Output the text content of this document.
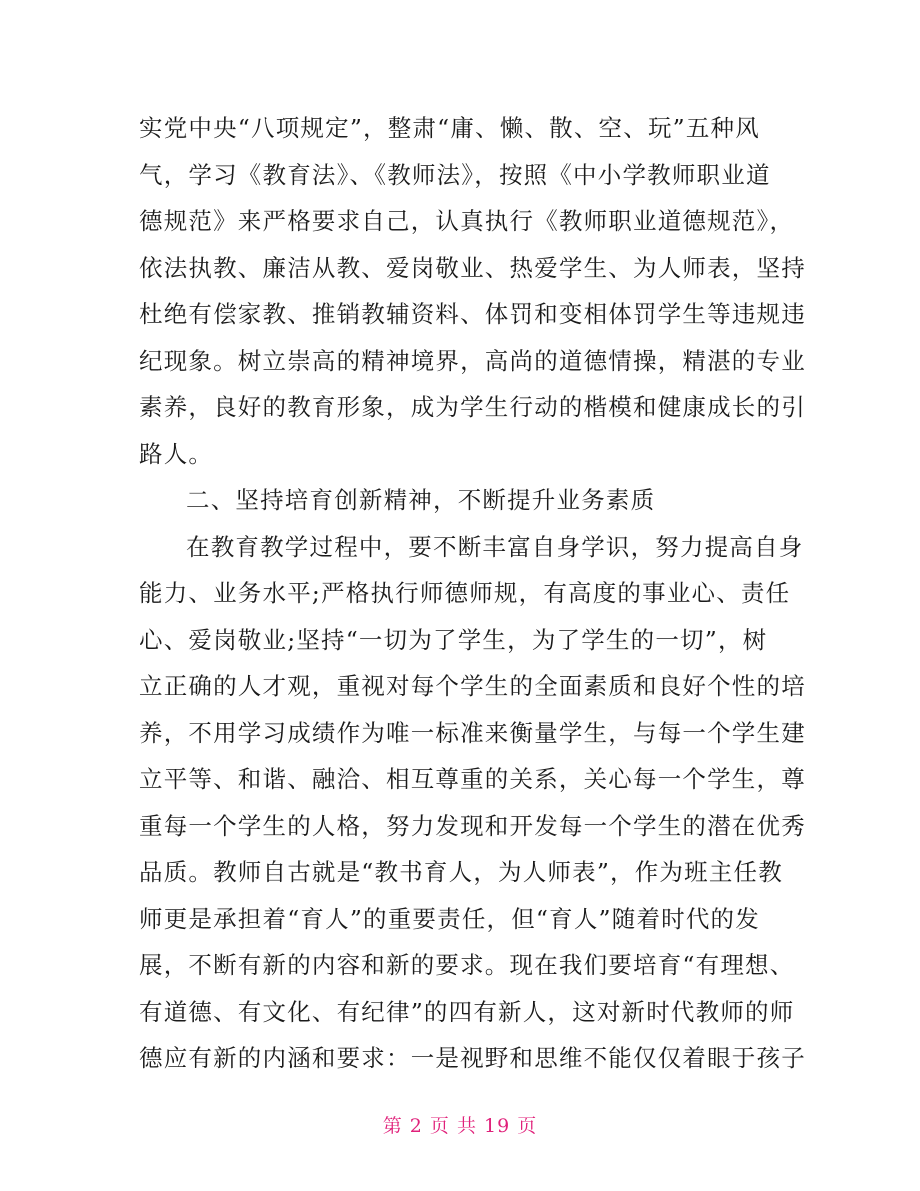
实党中央“八项规定”，整肃“庸、懒、散、空、玩”五种风
气，学习《教育法》、《教师法》，按照《中小学教师职业道
德规范》来严格要求自己，认真执行《教师职业道德规范》，
依法执教、廉洁从教、爱岗敬业、热爱学生、为人师表，坚持
杜绝有偿家教、推销教辅资料、体罚和变相体罚学生等违规违
纪现象。树立崇高的精神境界，高尚的道德情操，精湛的专业
素养，良好的教育形象，成为学生行动的楷模和健康成长的引
路人。
二、坚持培育创新精神，不断提升业务素质
在教育教学过程中，要不断丰富自身学识，努力提高自身
能力、业务水平;严格执行师德师规，有高度的事业心、责任
心、爱岗敬业;坚持“一切为了学生，为了学生的一切”，树
立正确的人才观，重视对每个学生的全面素质和良好个性的培
养，不用学习成绩作为唯一标准来衡量学生，与每一个学生建
立平等、和谐、融洽、相互尊重的关系，关心每一个学生，尊
重每一个学生的人格，努力发现和开发每一个学生的潜在优秀
品质。教师自古就是“教书育人，为人师表”，作为班主任教
师更是承担着“育人”的重要责任，但“育人”随着时代的发
展，不断有新的内容和新的要求。现在我们要培育“有理想、
有道德、有文化、有纪律”的四有新人，这对新时代教师的师
德应有新的内涵和要求：一是视野和思维不能仅仅着眼于孩子
第 2 页 共 19 页
